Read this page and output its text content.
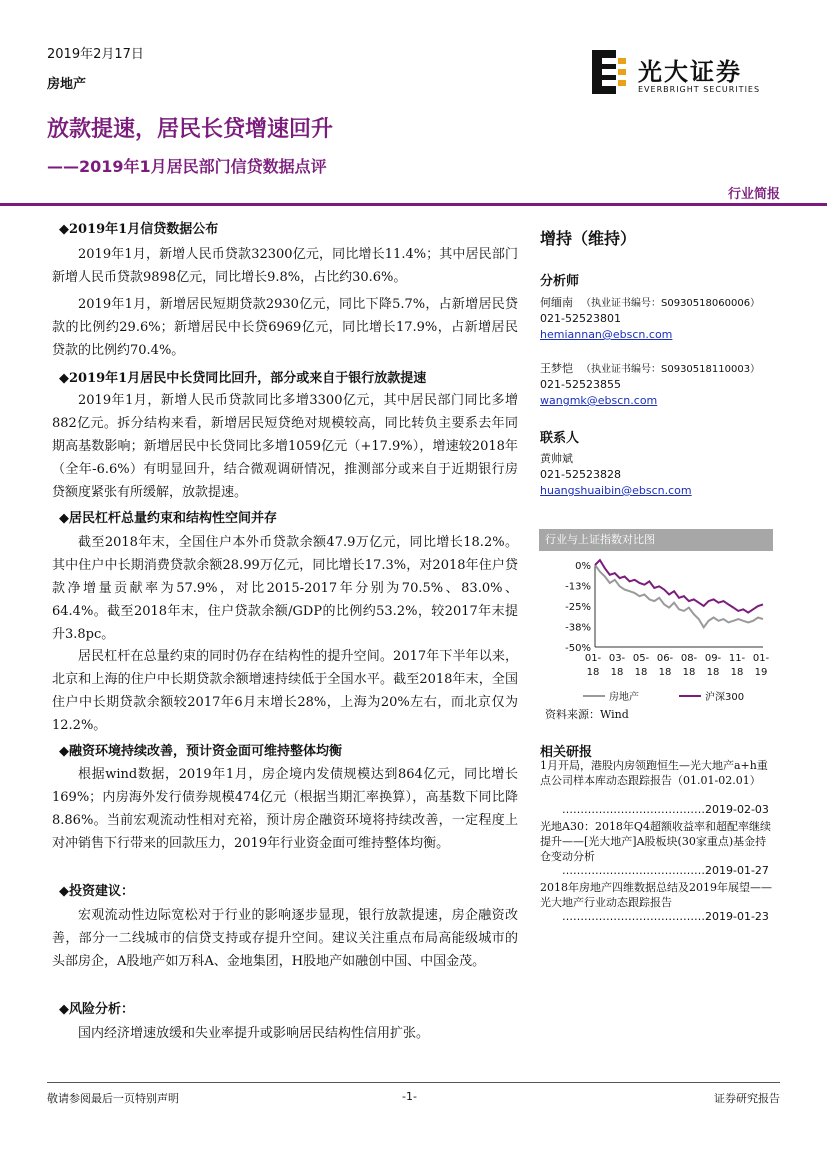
2019年2月17日
房地产
放款提速，居民长贷增速回升
——2019年1月居民部门信贷数据点评
行业简报
光大证券
EVERBRIGHT SECURITIES
◆2019年1月信贷数据公布
2019年1月，新增人民币贷款32300亿元，同比增长11.4%；其中居民部门新增人民币贷款9898亿元，同比增长9.8%，占比约30.6%。
2019年1月，新增居民短期贷款2930亿元，同比下降5.7%，占新增居民贷款的比例约29.6%；新增居民中长贷6969亿元，同比增长17.9%，占新增居民贷款的比例约70.4%。
◆2019年1月居民中长贷同比回升，部分或来自于银行放款提速
2019年1月，新增人民币贷款同比多增3300亿元，其中居民部门同比多增882亿元。拆分结构来看，新增居民短贷绝对规模较高，同比转负主要系去年同期高基数影响；新增居民中长贷同比多增1059亿元（+17.9%），增速较2018年（全年-6.6%）有明显回升，结合微观调研情况，推测部分或来自于近期银行房贷额度紧张有所缓解，放款提速。
◆居民杠杆总量约束和结构性空间并存
截至2018年末，全国住户本外币贷款余额47.9万亿元，同比增长18.2%。其中住户中长期消费贷款余额28.99万亿元，同比增长17.3%，对2018年住户贷款净增量贡献率为57.9%，对比2015-2017年分别为70.5%、83.0%、64.4%。截至2018年末，住户贷款余额/GDP的比例约53.2%，较2017年末提升3.8pc。
居民杠杆在总量约束的同时仍存在结构性的提升空间。2017年下半年以来，北京和上海的住户中长期贷款余额增速持续低于全国水平。截至2018年末，全国住户中长期贷款余额较2017年6月末增长28%，上海为20%左右，而北京仅为12.2%。
◆融资环境持续改善，预计资金面可维持整体均衡
根据wind数据，2019年1月，房企境内发债规模达到864亿元，同比增长169%；内房海外发行债券规模474亿元（根据当期汇率换算），高基数下同比降8.86%。当前宏观流动性相对充裕，预计房企融资环境将持续改善，一定程度上对冲销售下行带来的回款压力，2019年行业资金面可维持整体均衡。
◆投资建议：
宏观流动性边际宽松对于行业的影响逐步显现，银行放款提速，房企融资改善，部分一二线城市的信贷支持或存提升空间。建议关注重点布局高能级城市的头部房企，A股地产如万科A、金地集团，H股地产如融创中国、中国金茂。
◆风险分析：
国内经济增速放缓和失业率提升或影响居民结构性信用扩张。
增持（维持）
分析师
何缅南 （执业证书编号：S0930518060006）
021-52523801
hemiannan@ebscn.com
王梦恺 （执业证书编号：S0930518110003）
021-52523855
wangmk@ebscn.com
联系人
黄帅斌
021-52523828
huangshuaibin@ebscn.com
行业与上证指数对比图
0%
-13%
-25%
-38%
-50%
01-
18
03-
18
05-
18
06-
18
08-
18
09-
18
11-
18
01-
19
房地产	沪深300
资料来源：Wind
相关研报
1月开局，港股内房领跑恒生—光大地产a+h重点公司样本库动态跟踪报告（01.01-02.01）
…………………………………2019-02-03
光地A30：2018年Q4超额收益率和超配率继续提升——[光大地产]A股板块(30家重点)基金持仓变动分析
…………………………………2019-01-27
2018年房地产四维数据总结及2019年展望——光大地产行业动态跟踪报告
…………………………………2019-01-23
敬请参阅最后一页特别声明	-1-	证券研究报告
